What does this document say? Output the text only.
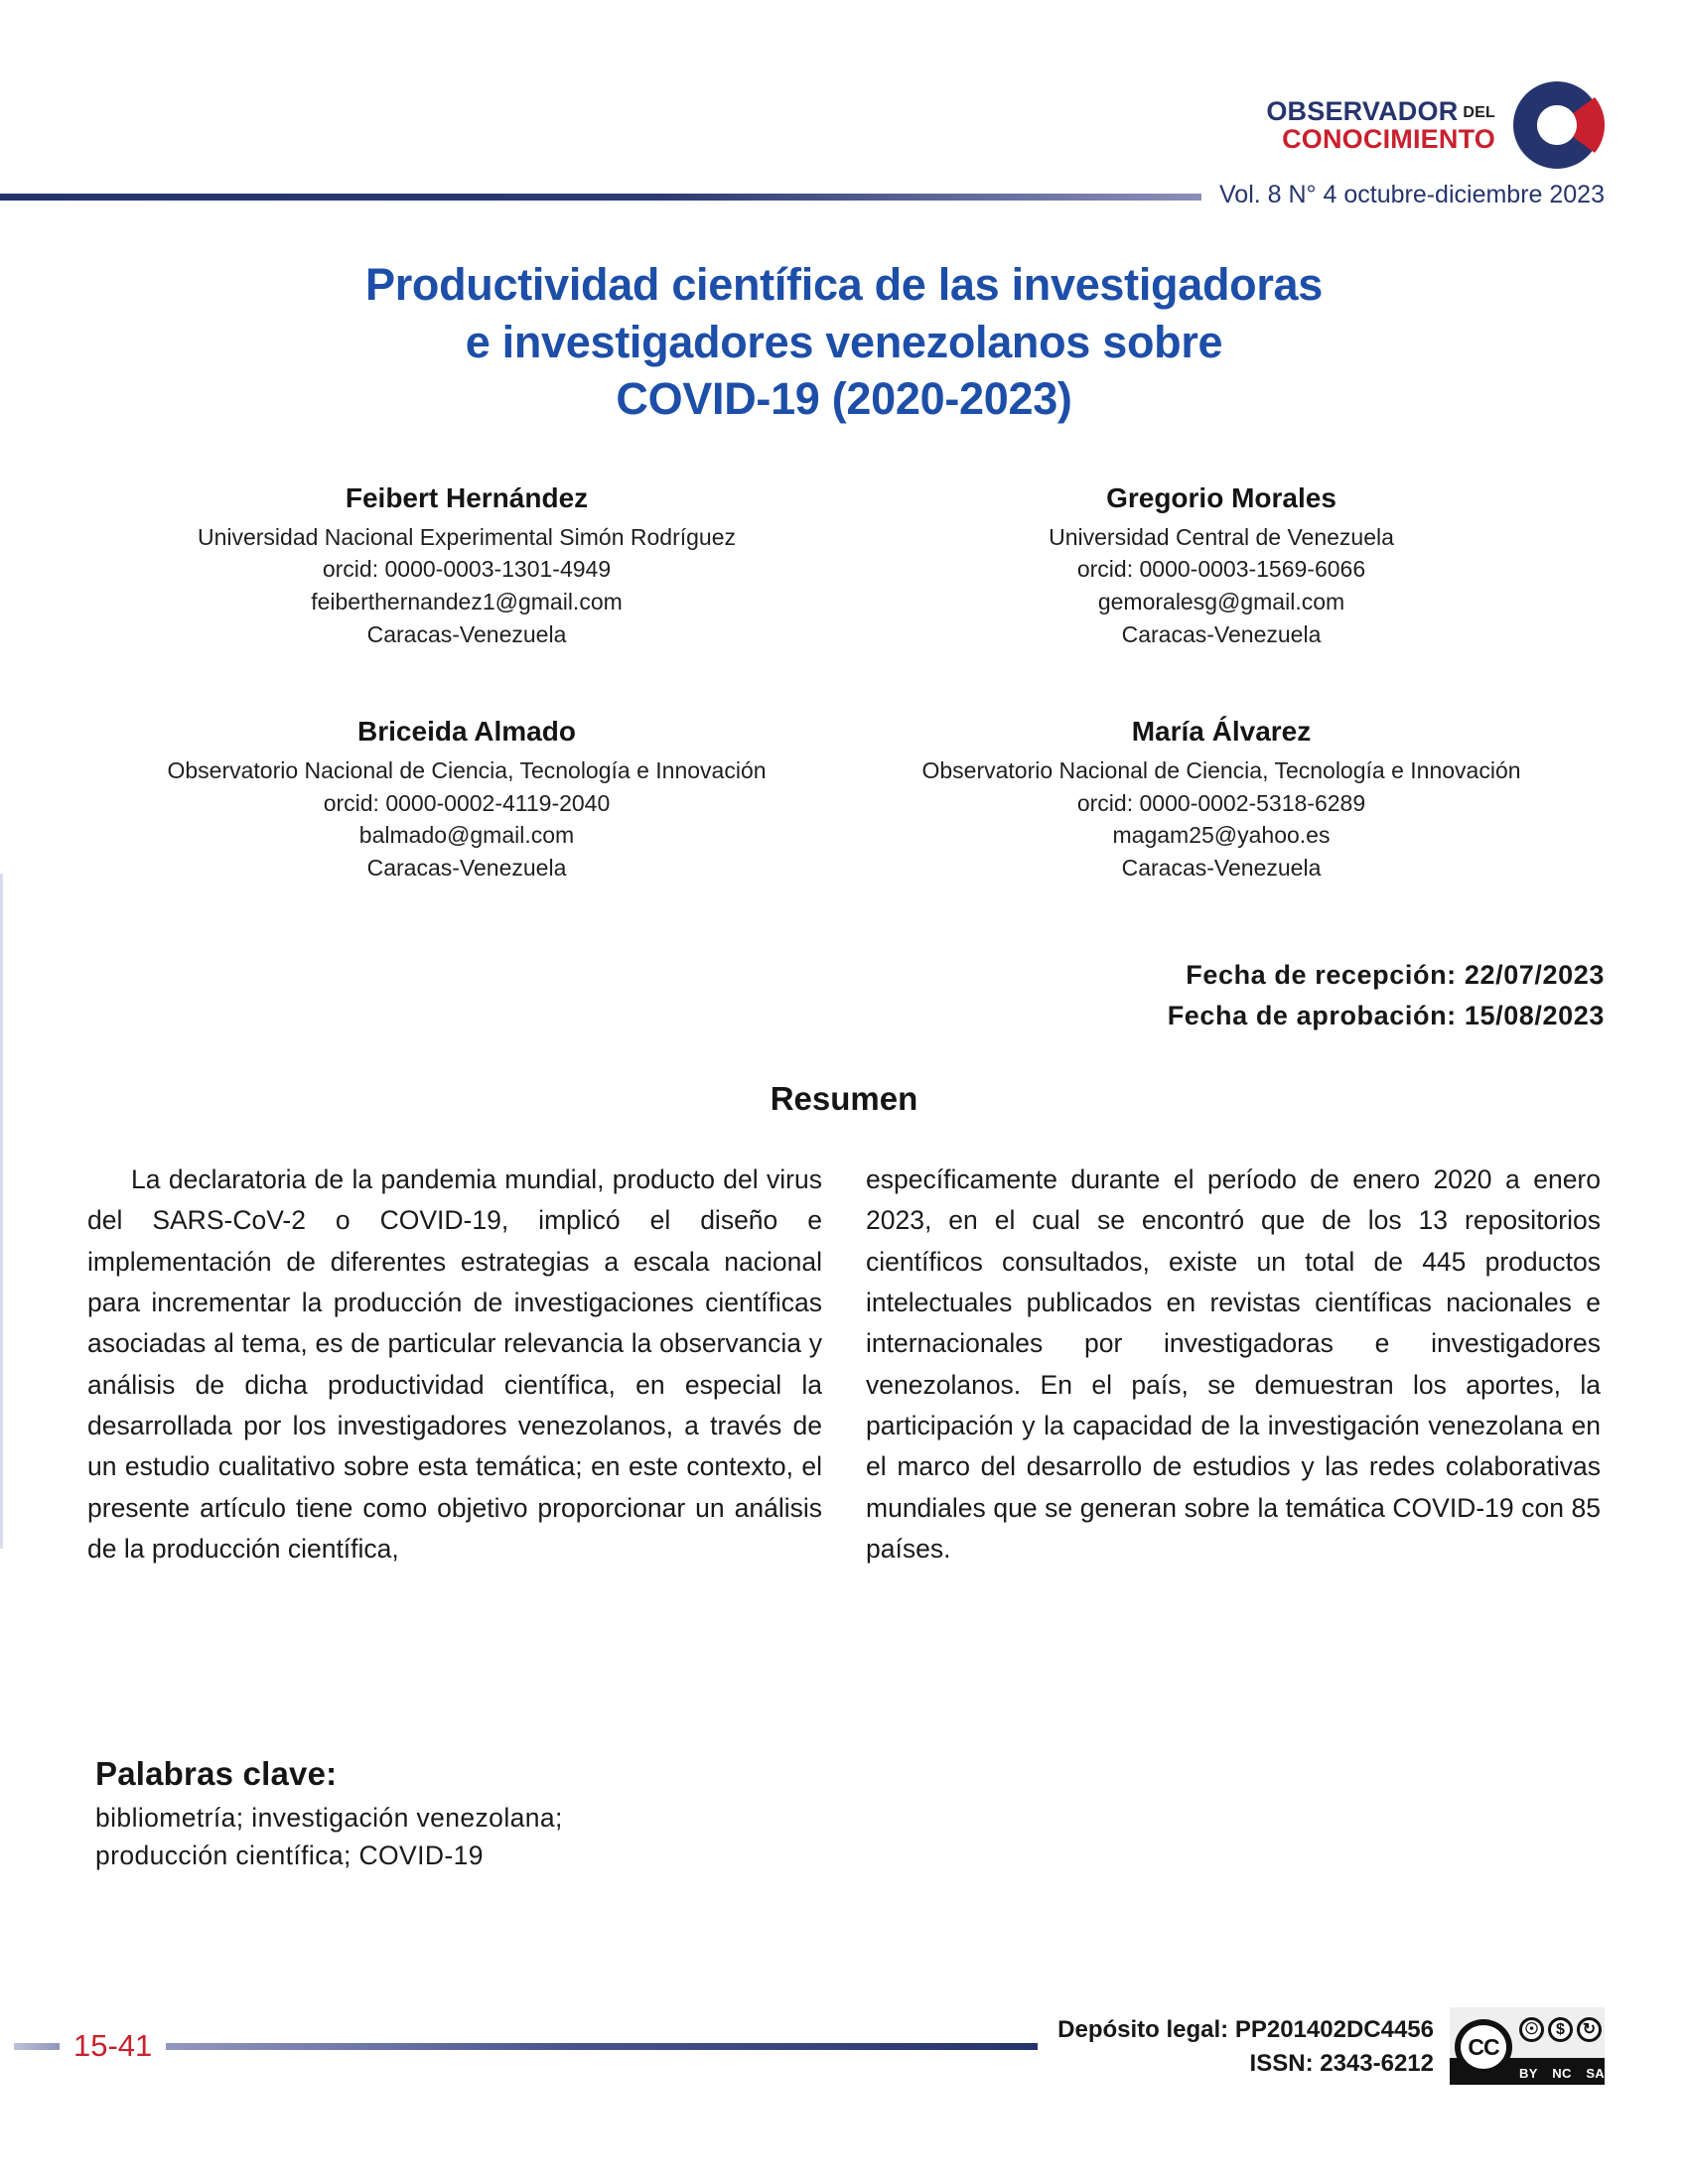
OBSERVADOR DEL
CONOCIMIENTO
Vol. 8 N° 4 octubre-diciembre 2023
Productividad científica de las investigadoras
e investigadores venezolanos sobre
COVID-19 (2020-2023)
Feibert Hernández
Universidad Nacional Experimental Simón Rodríguez
orcid: 0000-0003-1301-4949
feiberthernandez1@gmail.com
Caracas-Venezuela
Gregorio Morales
Universidad Central de Venezuela
orcid: 0000-0003-1569-6066
gemoralesg@gmail.com
Caracas-Venezuela
Briceida Almado
Observatorio Nacional de Ciencia, Tecnología e Innovación
orcid: 0000-0002-4119-2040
balmado@gmail.com
Caracas-Venezuela
María Álvarez
Observatorio Nacional de Ciencia, Tecnología e Innovación
orcid: 0000-0002-5318-6289
magam25@yahoo.es
Caracas-Venezuela
Fecha de recepción: 22/07/2023
Fecha de aprobación: 15/08/2023
Resumen

La declaratoria de la pandemia mundial, producto del virus del SARS-CoV-2 o COVID-19, implicó el diseño e implementación de diferentes estrategias a escala nacional para incrementar la producción de investigaciones científicas asociadas al tema, es de particular relevancia la observancia y análisis de dicha productividad científica, en especial la desarrollada por los investigadores venezolanos, a través de un estudio cualitativo sobre esta temática; en este contexto, el presente artículo tiene como objetivo proporcionar un análisis de la producción científica,

específicamente durante el período de enero 2020 a enero 2023, en el cual se encontró que de los 13 repositorios científicos consultados, existe un total de 445 productos intelectuales publicados en revistas científicas nacionales e internacionales por investigadoras e investigadores venezolanos. En el país, se demuestran los aportes, la participación y la capacidad de la investigación venezolana en el marco del desarrollo de estudios y las redes colaborativas mundiales que se generan sobre la temática COVID-19 con 85 países.

Palabras clave:
bibliometría; investigación venezolana;
producción científica; COVID-19
15-41	Depósito legal: PP201402DC4456
ISSN: 2343-6212
CC
☉	$	↻
BY NC SA
